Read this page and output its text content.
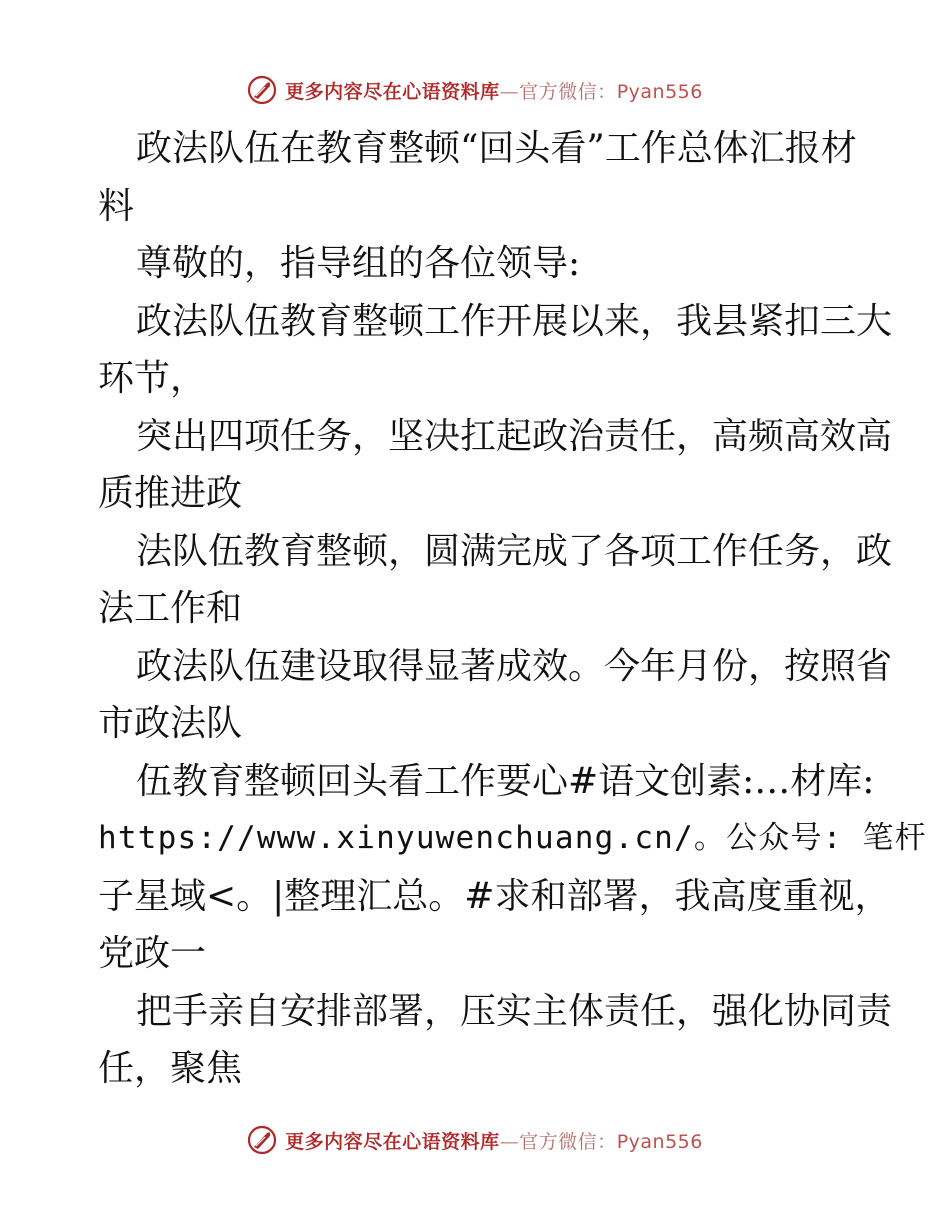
更多内容尽在心语资料库—官方微信：Pyan556
政法队伍在教育整顿“回头看”工作总体汇报材
料
尊敬的，指导组的各位领导:
政法队伍教育整顿工作开展以来，我县紧扣三大
环节，
突出四项任务，坚决扛起政治责任，高频高效高
质推进政
法队伍教育整顿，圆满完成了各项工作任务，政
法工作和
政法队伍建设取得显著成效。今年月份，按照省
市政法队
伍教育整顿回头看工作要心#语文创素:…材库:
https://www.xinyuwenchuang.cn/。公众号: 笔杆
子星域<。|整理汇总。#求和部署，我高度重视，
党政一
把手亲自安排部署，压实主体责任，强化协同责
任，聚焦
更多内容尽在心语资料库—官方微信：Pyan556
